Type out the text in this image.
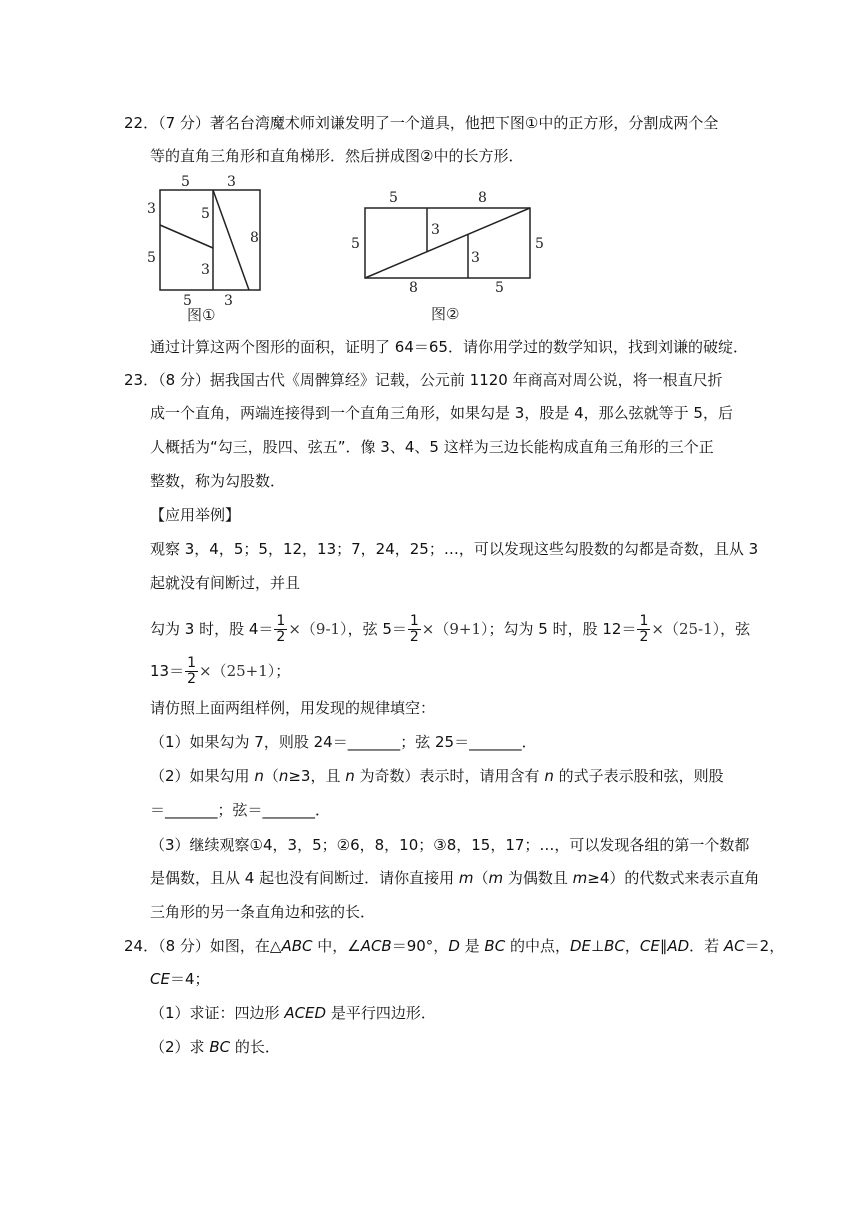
22．（7 分）著名台湾魔术师刘谦发明了一个道具，他把下图①中的正方形，分割成两个全
等的直角三角形和直角梯形．然后拼成图②中的长方形．
5	3
3
5
5
3
8
5 3
图①
5	8
5	5
3
3
8	5
图②
通过计算这两个图形的面积，证明了 64＝65．请你用学过的数学知识，找到刘谦的破绽．
23．（8 分）据我国古代《周髀算经》记载，公元前 1120 年商高对周公说，将一根直尺折
成一个直角，两端连接得到一个直角三角形，如果勾是 3，股是 4，那么弦就等于 5，后
人概括为“勾三，股四、弦五”．像 3、4、5 这样为三边长能构成直角三角形的三个正
整数，称为勾股数．
【应用举例】
观察 3，4，5；5，12，13；7，24，25；…，可以发现这些勾股数的勾都是奇数，且从 3
起就没有间断过，并且
勾为 3 时，股 $4= \frac{1}{2} \times(9-1)$，弦 $5= \frac{1}{2} \times(9+1)$；勾为 5 时，股 $12= \frac{1}{2} \times(25-1)$，弦
$13= \frac{1}{2} \times(25+1)$；
请仿照上面两组样例，用发现的规律填空：
（1）如果勾为 7，则股 24＝_______；弦 25＝_______．
（2）如果勾用 n（n≥3，且 n 为奇数）表示时，请用含有 n 的式子表示股和弦，则股
＝_______；弦＝_______．
（3）继续观察①4，3，5；②6，8，10；③8，15，17；…，可以发现各组的第一个数都
是偶数，且从 4 起也没有间断过．请你直接用 m（m 为偶数且 m≥4）的代数式来表示直角
三角形的另一条直角边和弦的长．
24．（8 分）如图，在△ABC 中，∠ACB＝90°，D 是 BC 的中点，DE⊥BC，CE∥AD．若 AC＝2，
CE＝4；
（1）求证：四边形 ACED 是平行四边形．
（2）求 BC 的长．
